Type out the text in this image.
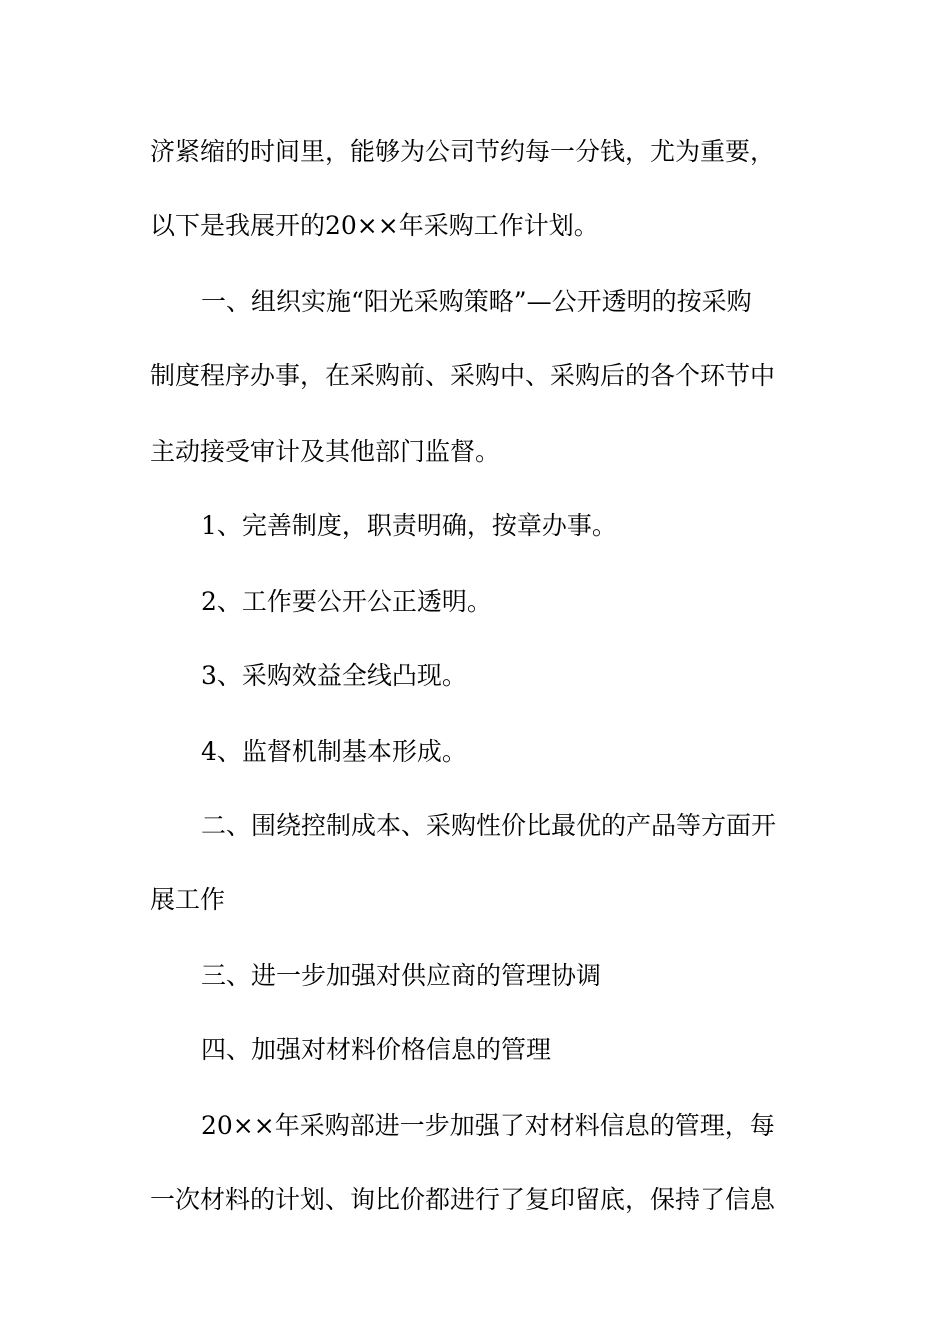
济紧缩的时间里，能够为公司节约每一分钱，尤为重要，
以下是我展开的20××年采购工作计划。
一、组织实施“阳光采购策略”—公开透明的按采购
制度程序办事，在采购前、采购中、采购后的各个环节中
主动接受审计及其他部门监督。
1、完善制度，职责明确，按章办事。
2、工作要公开公正透明。
3、采购效益全线凸现。
4、监督机制基本形成。
二、围绕控制成本、采购性价比最优的产品等方面开
展工作
三、进一步加强对供应商的管理协调
四、加强对材料价格信息的管理
20××年采购部进一步加强了对材料信息的管理，每
一次材料的计划、询比价都进行了复印留底，保持了信息
